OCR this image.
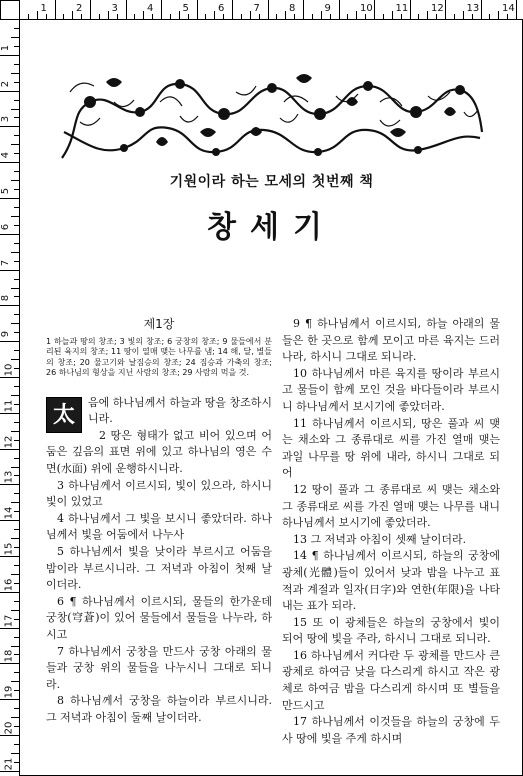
1	2	3	4	5	6	7	8	9	10 11 12 13 14
1
2
3
4
5
6
7
8
9
10
11
12
13
14
15
16
17
18
19
20
21
기원이라 하는 모세의 첫번째 책
창세기
제1장
1 하늘과 땅의 창조; 3 빛의 창조; 6 궁창의 창조; 9 물들에서 분리된 육지의 창조; 11 땅이 열매 맺는 나무를 냄; 14 해, 달, 별들의 창조; 20 물고기와 날짐승의 창조; 24 짐승과 가축의 창조; 26 하나님의 형상을 지닌 사람의 창조; 29 사람의 먹을 것.
太	음에 하나님께서 하늘과 땅을 창조하시니라.

2 땅은 형태가 없고 비어 있으며 어둠은 깊음의 표면 위에 있고 하나님의 영은 수면(水面) 위에 운행하시니라.

3 하나님께서 이르시되, 빛이 있으라, 하시니 빛이 있었고

4 하나님께서 그 빛을 보시니 좋았더라. 하나님께서 빛을 어둠에서 나누사

5 하나님께서 빛을 낮이라 부르시고 어둠을 밤이라 부르시니라. 그 저녁과 아침이 첫째 날이더라.

6 ¶ 하나님께서 이르시되, 물들의 한가운데 궁창(穹蒼)이 있어 물들에서 물들을 나누라, 하시고

7 하나님께서 궁창을 만드사 궁창 아래의 물들과 궁창 위의 물들을 나누시니 그대로 되니라.

8 하나님께서 궁창을 하늘이라 부르시니라. 그 저녁과 아침이 둘째 날이더라.

9 ¶ 하나님께서 이르시되, 하늘 아래의 물들은 한 곳으로 함께 모이고 마른 육지는 드러나라, 하시니 그대로 되니라.

10 하나님께서 마른 육지를 땅이라 부르시고 물들이 함께 모인 것을 바다들이라 부르시니 하나님께서 보시기에 좋았더라.

11 하나님께서 이르시되, 땅은 풀과 씨 맺는 채소와 그 종류대로 씨를 가진 열매 맺는 과일 나무를 땅 위에 내라, 하시니 그대로 되어

12 땅이 풀과 그 종류대로 씨 맺는 채소와 그 종류대로 씨를 가진 열매 맺는 나무를 내니 하나님께서 보시기에 좋았더라.

13 그 저녁과 아침이 셋째 날이더라.

14 ¶ 하나님께서 이르시되, 하늘의 궁창에 광체(光體)들이 있어서 낮과 밤을 나누고 표적과 계절과 일자(日字)와 연한(年限)을 나타내는 표가 되라.

15 또 이 광체들은 하늘의 궁창에서 빛이 되어 땅에 빛을 주라, 하시니 그대로 되니라.

16 하나님께서 커다란 두 광체를 만드사 큰 광체로 하여금 낮을 다스리게 하시고 작은 광체로 하여금 밤을 다스리게 하시며 또 별들을 만드시고

17 하나님께서 이것들을 하늘의 궁창에 두사 땅에 빛을 주게 하시며
